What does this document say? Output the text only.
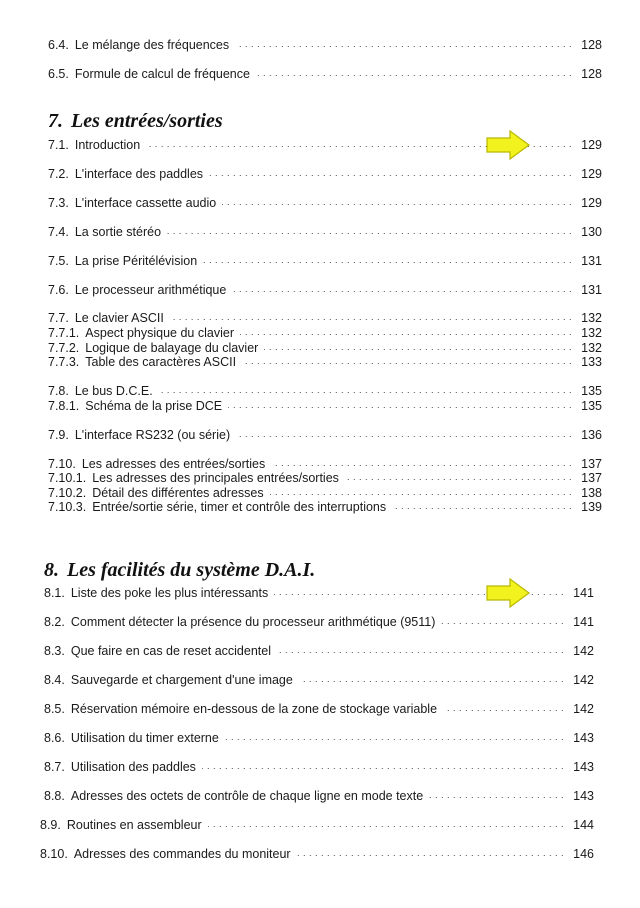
6.4. Le mélange des fréquences . . .	128
6.5. Formule de calcul de fréquence . . .	128
7. Les entrées/sorties
7.1. Introduction . . .	129
7.2. L'interface des paddles . . .	129
7.3. L'interface cassette audio . . .	129
7.4. La sortie stéréo . . .	130
7.5. La prise Péritélévision . . .	131
7.6. Le processeur arithmétique . . .	131
7.7. Le clavier ASCII . . .	132
7.7.1. Aspect physique du clavier . . .	132
7.7.2. Logique de balayage du clavier . . .	132
7.7.3. Table des caractères ASCII . . .	133
7.8. Le bus D.C.E. . . .	135
7.8.1. Schéma de la prise DCE . . .	135
7.9. L'interface RS232 (ou série) . . .	136
7.10. Les adresses des entrées/sorties . . .	137
7.10.1. Les adresses des principales entrées/sorties . . .	137
7.10.2. Détail des différentes adresses . . .	138
7.10.3. Entrée/sortie série, timer et contrôle des interruptions . . .	139
8. Les facilités du système D.A.I.
8.1. Liste des poke les plus intéressants . . .	141
8.2. Comment détecter la présence du processeur arithmétique (9511) . . .	141
8.3. Que faire en cas de reset accidentel . . .	142
8.4. Sauvegarde et chargement d'une image . . .	142
8.5. Réservation mémoire en-dessous de la zone de stockage variable . . .	142
8.6. Utilisation du timer externe . . .	143
8.7. Utilisation des paddles . . .	143
8.8. Adresses des octets de contrôle de chaque ligne en mode texte . . .	143
8.9. Routines en assembleur . . .	144
8.10. Adresses des commandes du moniteur . . .	146
